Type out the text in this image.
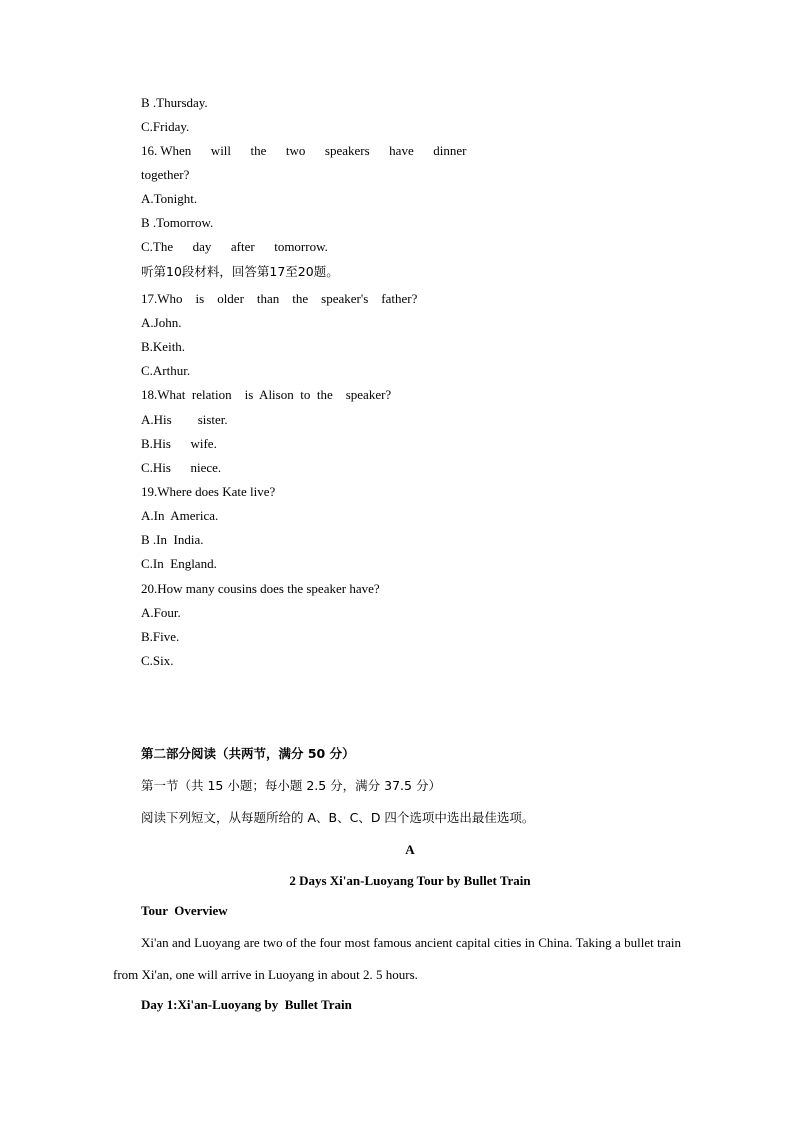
B .Thursday.

C.Friday.

16. When      will      the      two      speakers      have      dinner

together?

A.Tonight.

B .Tomorrow.

C.The      day      after      tomorrow.

听第10段材料，回答第17至20题。

17.Who    is    older    than    the    speaker's    father?

A.John.

B.Keith.

C.Arthur.

18.What  relation    is  Alison  to  the    speaker?

A.His        sister.

B.His      wife.

C.His      niece.

19.Where does Kate live?

A.In  America.

B .In  India.

C.In  England.

20.How many cousins does the speaker have?

A.Four.

B.Five.

C.Six.

第二部分阅读（共两节，满分 50 分）

第一节（共 15 小题；每小题 2.5 分，满分 37.5 分）

阅读下列短文，从每题所给的 A、B、C、D 四个选项中选出最佳选项。

A

2 Days Xi'an-Luoyang Tour by Bullet Train

Tour  Overview

Xi'an and Luoyang are two of the four most famous ancient capital cities in China. Taking a bullet train from Xi'an, one will arrive in Luoyang in about 2. 5 hours.

Day 1:Xi'an-Luoyang by  Bullet Train
